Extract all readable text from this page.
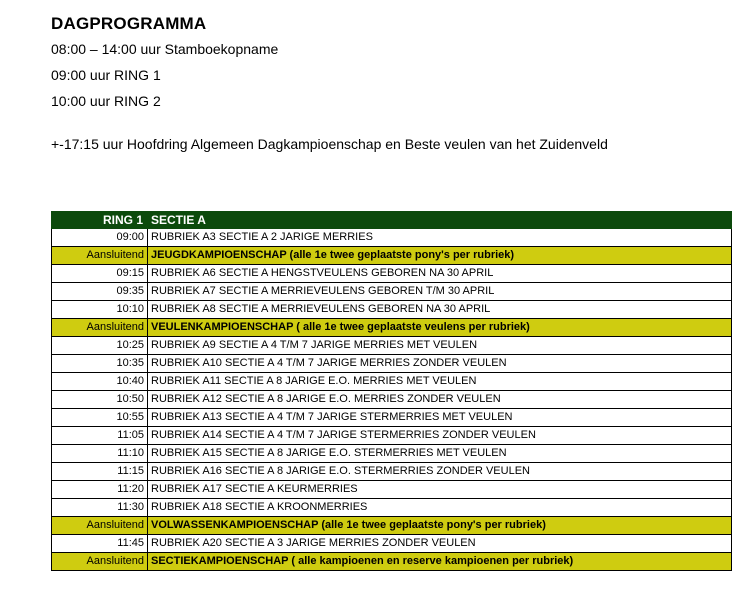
DAGPROGRAMMA
08:00 – 14:00 uur Stamboekopname
09:00 uur RING 1
10:00 uur RING 2
+-17:15 uur Hoofdring Algemeen Dagkampioenschap en Beste veulen van het Zuidenveld
RING 1	SECTIE A
09:00	RUBRIEK A3 SECTIE A 2 JARIGE MERRIES
Aansluitend	JEUGDKAMPIOENSCHAP (alle 1e twee geplaatste pony's per rubriek)
09:15	RUBRIEK A6 SECTIE A HENGSTVEULENS GEBOREN NA 30 APRIL
09:35	RUBRIEK A7 SECTIE A MERRIEVEULENS GEBOREN T/M 30 APRIL
10:10	RUBRIEK A8 SECTIE A MERRIEVEULENS GEBOREN NA 30 APRIL
Aansluitend	VEULENKAMPIOENSCHAP ( alle 1e twee geplaatste veulens per rubriek)
10:25	RUBRIEK A9 SECTIE A 4 T/M 7 JARIGE MERRIES MET VEULEN
10:35	RUBRIEK A10 SECTIE A 4 T/M 7 JARIGE MERRIES ZONDER VEULEN
10:40	RUBRIEK A11 SECTIE A 8 JARIGE E.O. MERRIES MET VEULEN
10:50	RUBRIEK A12 SECTIE A 8 JARIGE E.O. MERRIES ZONDER VEULEN
10:55	RUBRIEK A13 SECTIE A 4 T/M 7 JARIGE STERMERRIES MET VEULEN
11:05	RUBRIEK A14 SECTIE A 4 T/M 7 JARIGE STERMERRIES ZONDER VEULEN
11:10	RUBRIEK A15 SECTIE A 8 JARIGE E.O. STERMERRIES MET VEULEN
11:15	RUBRIEK A16 SECTIE A 8 JARIGE E.O. STERMERRIES ZONDER VEULEN
11:20	RUBRIEK A17 SECTIE A KEURMERRIES
11:30	RUBRIEK A18 SECTIE A KROONMERRIES
Aansluitend	VOLWASSENKAMPIOENSCHAP (alle 1e twee geplaatste pony's per rubriek)
11:45	RUBRIEK A20 SECTIE A 3 JARIGE MERRIES ZONDER VEULEN
Aansluitend	SECTIEKAMPIOENSCHAP ( alle kampioenen en reserve kampioenen per rubriek)
